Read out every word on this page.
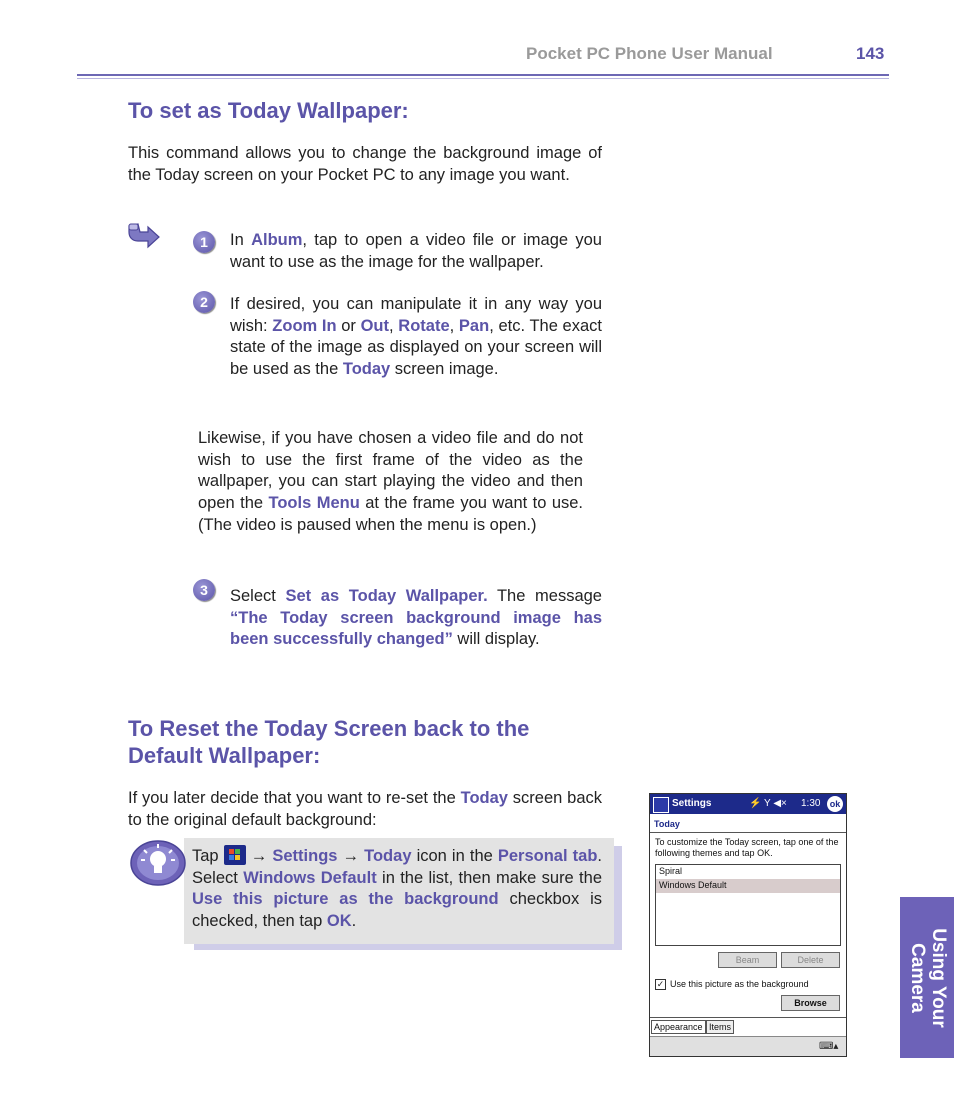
Pocket PC Phone User Manual	143
To set as Today Wallpaper:
This command allows you to change the background image of the Today screen on your Pocket PC to any image you want.
1	In Album, tap to open a video file or image you want to use as the image for the wallpaper.
2	If desired, you can manipulate it in any way you wish: Zoom In or Out, Rotate, Pan, etc. The exact state of the image as displayed on your screen will be used as the Today screen image.
Likewise, if you have chosen a video file and do not wish to use the first frame of the video as the wallpaper, you can start playing the video and then open the Tools Menu at the frame you want to use. (The video is paused when the menu is open.)
3	Select Set as Today Wallpaper. The message “The Today screen background image has been successfully changed” will display.
To Reset the Today Screen back to the
Default Wallpaper:
If you later decide that you want to re-set the Today screen back to the original default background:
Tap
→ Settings → Today icon in the Personal tab. Select Windows Default in the list, then make sure the Use this picture as the background checkbox is checked, then tap OK.
Settings	⚡ Y ◀× 1:30	ok
Today
To customize the Today screen, tap one of the following themes and tap OK.
Spiral
Windows Default
Beam	Delete
✓ Use this picture as the background
Browse
Appearance Items
⌨▴
Using Your
Camera
